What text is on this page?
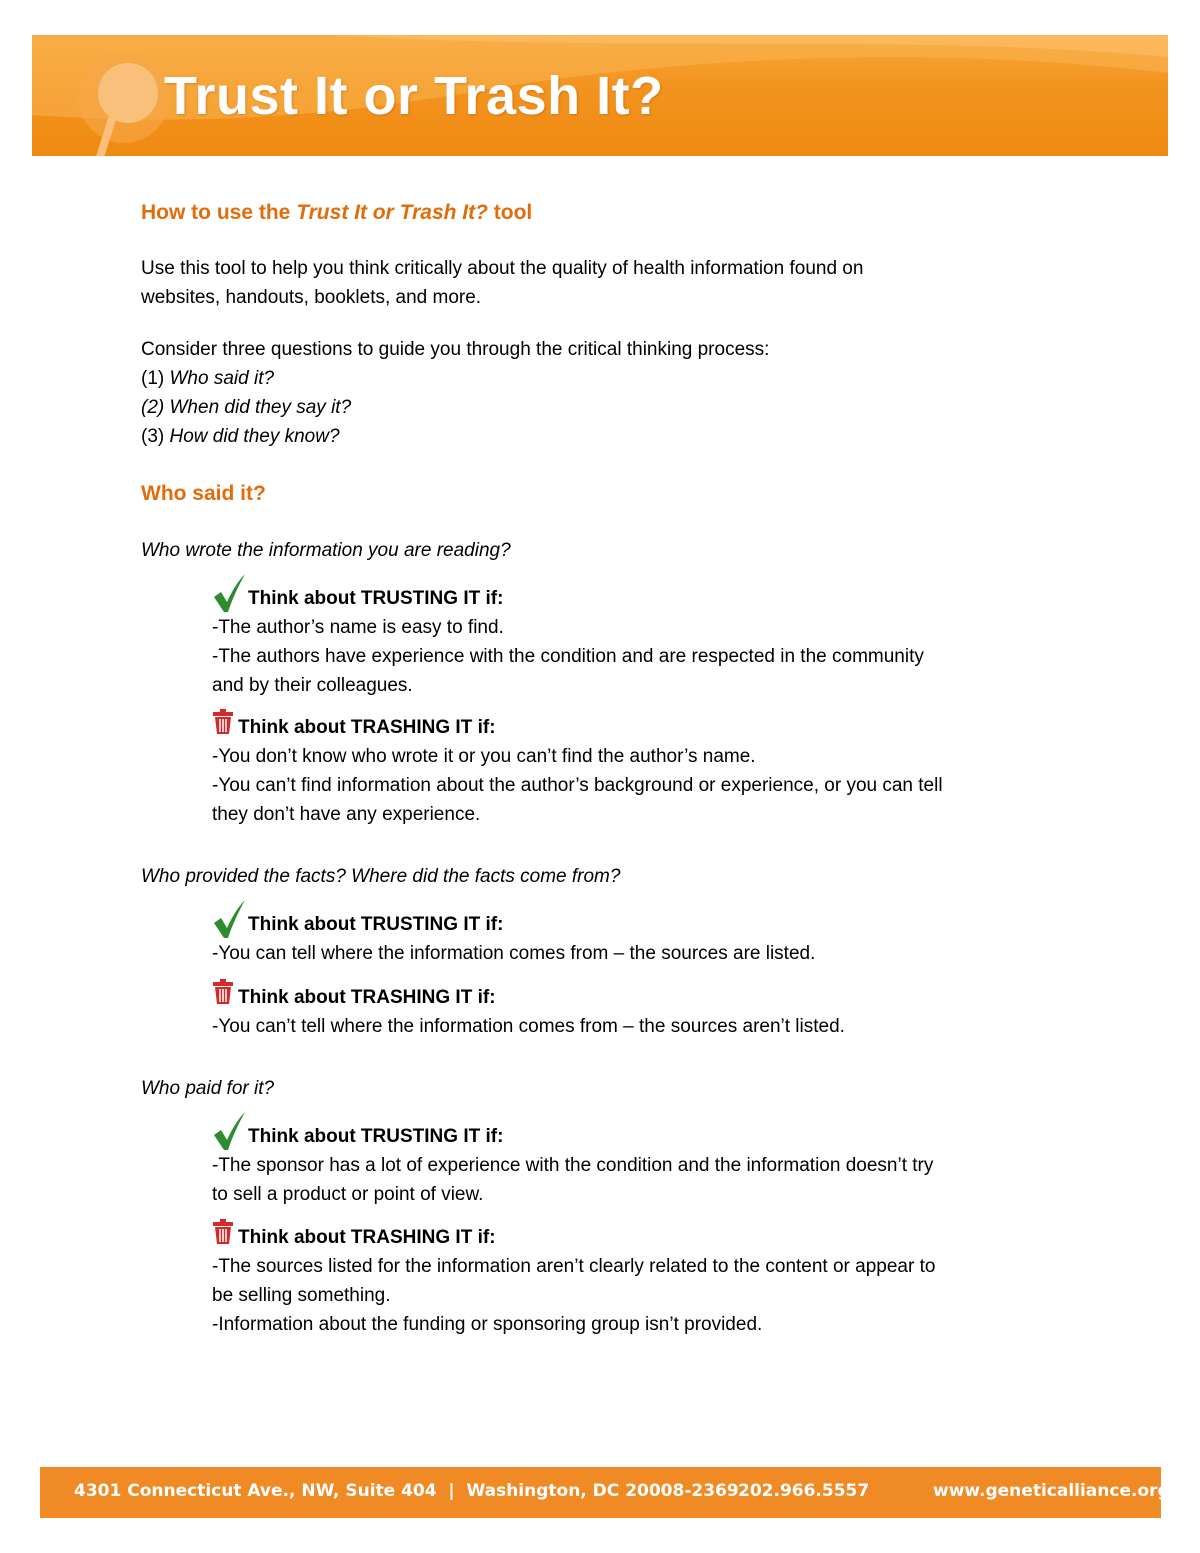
Trust It or Trash It?
How to use the Trust It or Trash It? tool
Use this tool to help you think critically about the quality of health information found on
websites, handouts, booklets, and more.
Consider three questions to guide you through the critical thinking process:
(1) Who said it?
(2) When did they say it?
(3) How did they know?
Who said it?
Who wrote the information you are reading?
Think about TRUSTING IT if:
-The author’s name is easy to find.
-The authors have experience with the condition and are respected in the community
and by their colleagues.
Think about TRASHING IT if:
-You don’t know who wrote it or you can’t find the author’s name.
-You can’t find information about the author’s background or experience, or you can tell
they don’t have any experience.
Who provided the facts? Where did the facts come from?
Think about TRUSTING IT if:
-You can tell where the information comes from – the sources are listed.
Think about TRASHING IT if:
-You can’t tell where the information comes from – the sources aren’t listed.
Who paid for it?
Think about TRUSTING IT if:
-The sponsor has a lot of experience with the condition and the information doesn’t try
to sell a product or point of view.
Think about TRASHING IT if:
-The sources listed for the information aren’t clearly related to the content or appear to
be selling something.
-Information about the funding or sponsoring group isn’t provided.
4301 Connecticut Ave., NW, Suite 404  |  Washington, DC 20008-2369 202.966.5557	www.geneticalliance.org
